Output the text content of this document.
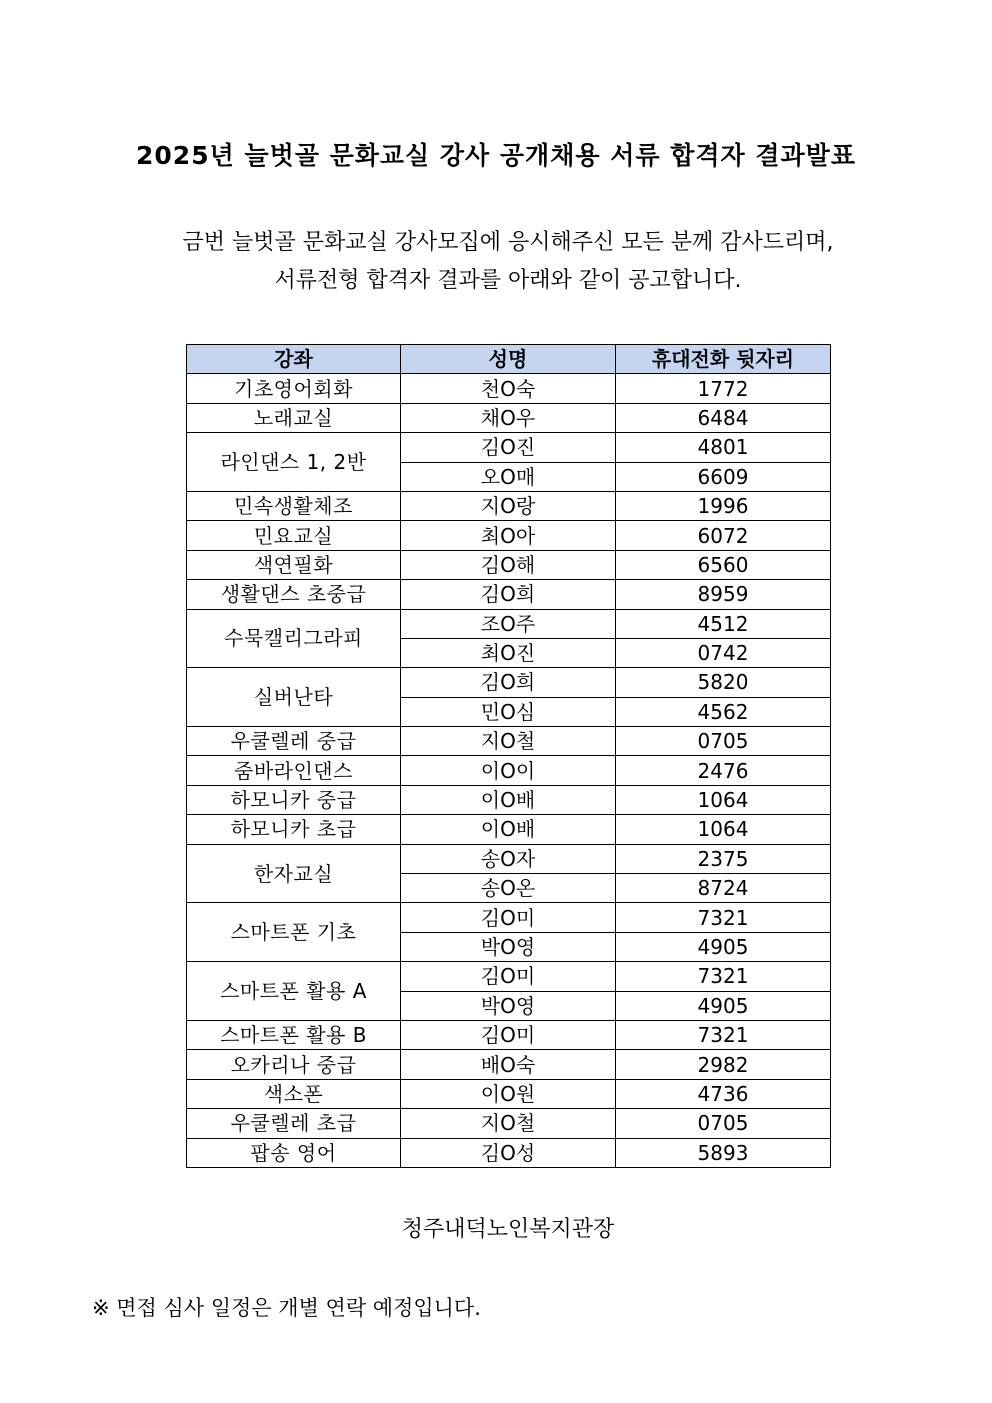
2025년 늘벗골 문화교실 강사 공개채용 서류 합격자 결과발표
금번 늘벗골 문화교실 강사모집에 응시해주신 모든 분께 감사드리며,
서류전형 합격자 결과를 아래와 같이 공고합니다.
강좌	성명	휴대전화 뒷자리
기초영어회화	천O숙	1772
노래교실	채O우	6484
라인댄스 1, 2반	김O진	4801
	오O매	6609
민속생활체조	지O랑	1996
민요교실	최O아	6072
색연필화	김O해	6560
생활댄스 초중급	김O희	8959
수묵캘리그라피	조O주	4512
	최O진	0742
실버난타	김O희	5820
	민O심	4562
우쿨렐레 중급	지O철	0705
줌바라인댄스	이O이	2476
하모니카 중급	이O배	1064
하모니카 초급	이O배	1064
한자교실	송O자	2375
	송O온	8724
스마트폰 기초	김O미	7321
	박O영	4905
스마트폰 활용 A	김O미	7321
	박O영	4905
스마트폰 활용 B	김O미	7321
오카리나 중급	배O숙	2982
색소폰	이O원	4736
우쿨렐레 초급	지O철	0705
팝송 영어	김O성	5893

청주내덕노인복지관장

※ 면접 심사 일정은 개별 연락 예정입니다.
